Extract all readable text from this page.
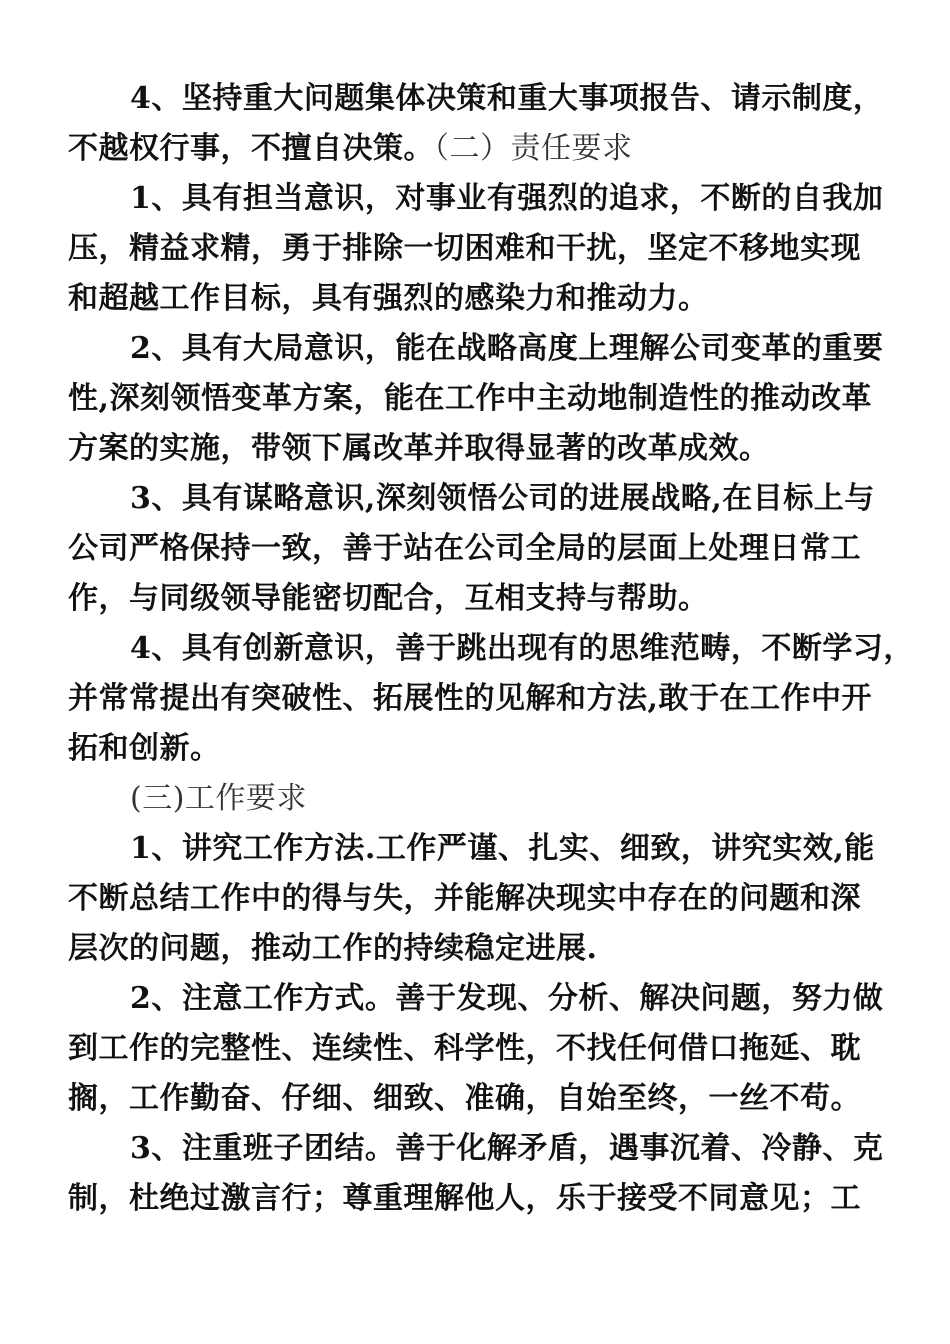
4、坚持重大问题集体决策和重大事项报告、请示制度，
不越权行事，不擅自决策。（二）责任要求
1、具有担当意识，对事业有强烈的追求，不断的自我加
压，精益求精，勇于排除一切困难和干扰，坚定不移地实现
和超越工作目标，具有强烈的感染力和推动力。
2、具有大局意识，能在战略高度上理解公司变革的重要
性,深刻领悟变革方案，能在工作中主动地制造性的推动改革
方案的实施，带领下属改革并取得显著的改革成效。
3、具有谋略意识,深刻领悟公司的进展战略,在目标上与
公司严格保持一致，善于站在公司全局的层面上处理日常工
作，与同级领导能密切配合，互相支持与帮助。
4、具有创新意识，善于跳出现有的思维范畴，不断学习，
并常常提出有突破性、拓展性的见解和方法,敢于在工作中开
拓和创新。
(三)工作要求
1、讲究工作方法.工作严谨、扎实、细致，讲究实效,能
不断总结工作中的得与失，并能解决现实中存在的问题和深
层次的问题，推动工作的持续稳定进展.
2、注意工作方式。善于发现、分析、解决问题，努力做
到工作的完整性、连续性、科学性，不找任何借口拖延、耽
搁，工作勤奋、仔细、细致、准确，自始至终，一丝不苟。
3、注重班子团结。善于化解矛盾，遇事沉着、冷静、克
制，杜绝过激言行；尊重理解他人，乐于接受不同意见；工
